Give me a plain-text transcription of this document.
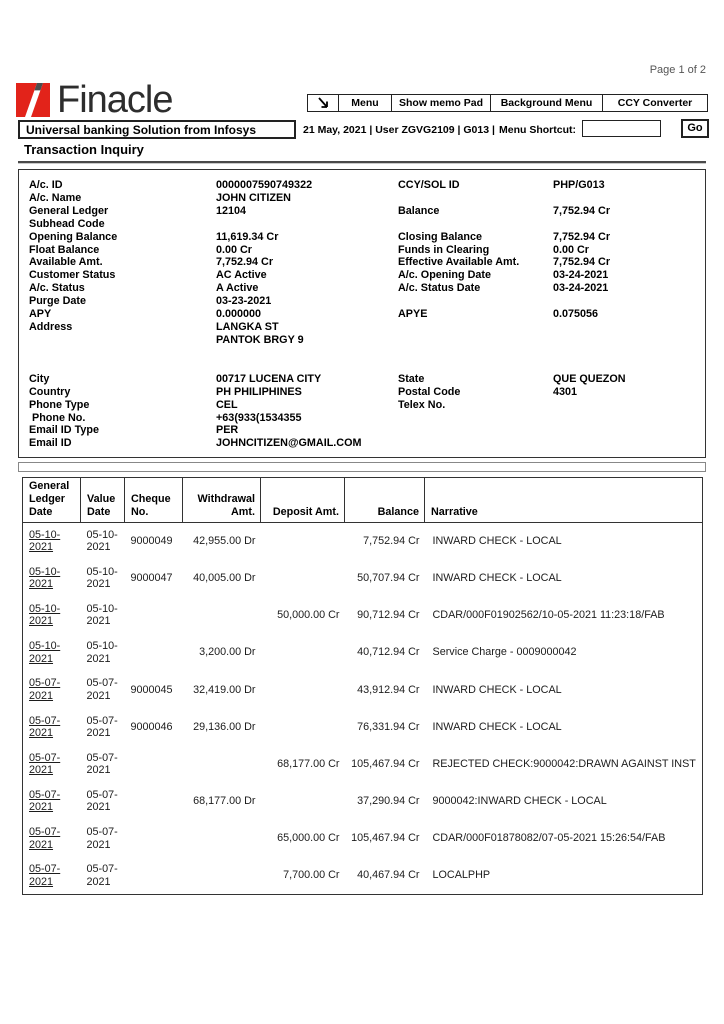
Page 1 of 2
Finacle	Menu	Show memo Pad	Background Menu	CCY Converter
Universal banking Solution from Infosys	21 May, 2021 | User ZGVG2109 | G013 | Menu Shortcut:	Go
Transaction Inquiry
A/c. ID	0000007590749322	CCY/SOL ID	PHP/G013
A/c. Name	JOHN CITIZEN
General Ledger	12104	Balance	7,752.94 Cr
Subhead Code
Opening Balance	11,619.34 Cr	Closing Balance	7,752.94 Cr
Float Balance	0.00 Cr	Funds in Clearing	0.00 Cr
Available Amt.	7,752.94 Cr	Effective Available Amt.	7,752.94 Cr
Customer Status	AC Active	A/c. Opening Date	03-24-2021
A/c. Status	A Active	A/c. Status Date	03-24-2021
Purge Date	03-23-2021
APY	0.000000	APYE	0.075056
Address	LANGKA ST
PANTOK BRGY 9
City	00717 LUCENA CITY	State	QUE QUEZON
Country	PH PHILIPHINES	Postal Code	4301
Phone Type	CEL	Telex No.
Phone No.	+63(933(1534355
Email ID Type	PER
Email ID	JOHNCITIZEN@GMAIL.COM
General Ledger Date	Value Date	Cheque No.	Withdrawal Amt.	Deposit Amt.	Balance	Narrative
05-10-2021	05-10-2021	9000049	42,955.00 Dr		7,752.94 Cr	INWARD CHECK - LOCAL
05-10-2021	05-10-2021	9000047	40,005.00 Dr		50,707.94 Cr	INWARD CHECK - LOCAL
05-10-2021	05-10-2021			50,000.00 Cr	90,712.94 Cr	CDAR/000F01902562/10-05-2021 11:23:18/FAB
05-10-2021	05-10-2021		3,200.00 Dr		40,712.94 Cr	Service Charge - 0009000042
05-07-2021	05-07-2021	9000045	32,419.00 Dr		43,912.94 Cr	INWARD CHECK - LOCAL
05-07-2021	05-07-2021	9000046	29,136.00 Dr		76,331.94 Cr	INWARD CHECK - LOCAL
05-07-2021	05-07-2021			68,177.00 Cr	105,467.94 Cr	REJECTED CHECK:9000042:DRAWN AGAINST INST
05-07-2021	05-07-2021		68,177.00 Dr		37,290.94 Cr	9000042:INWARD CHECK - LOCAL
05-07-2021	05-07-2021			65,000.00 Cr	105,467.94 Cr	CDAR/000F01878082/07-05-2021 15:26:54/FAB
05-07-2021	05-07-2021			7,700.00 Cr	40,467.94 Cr	LOCALPHP
